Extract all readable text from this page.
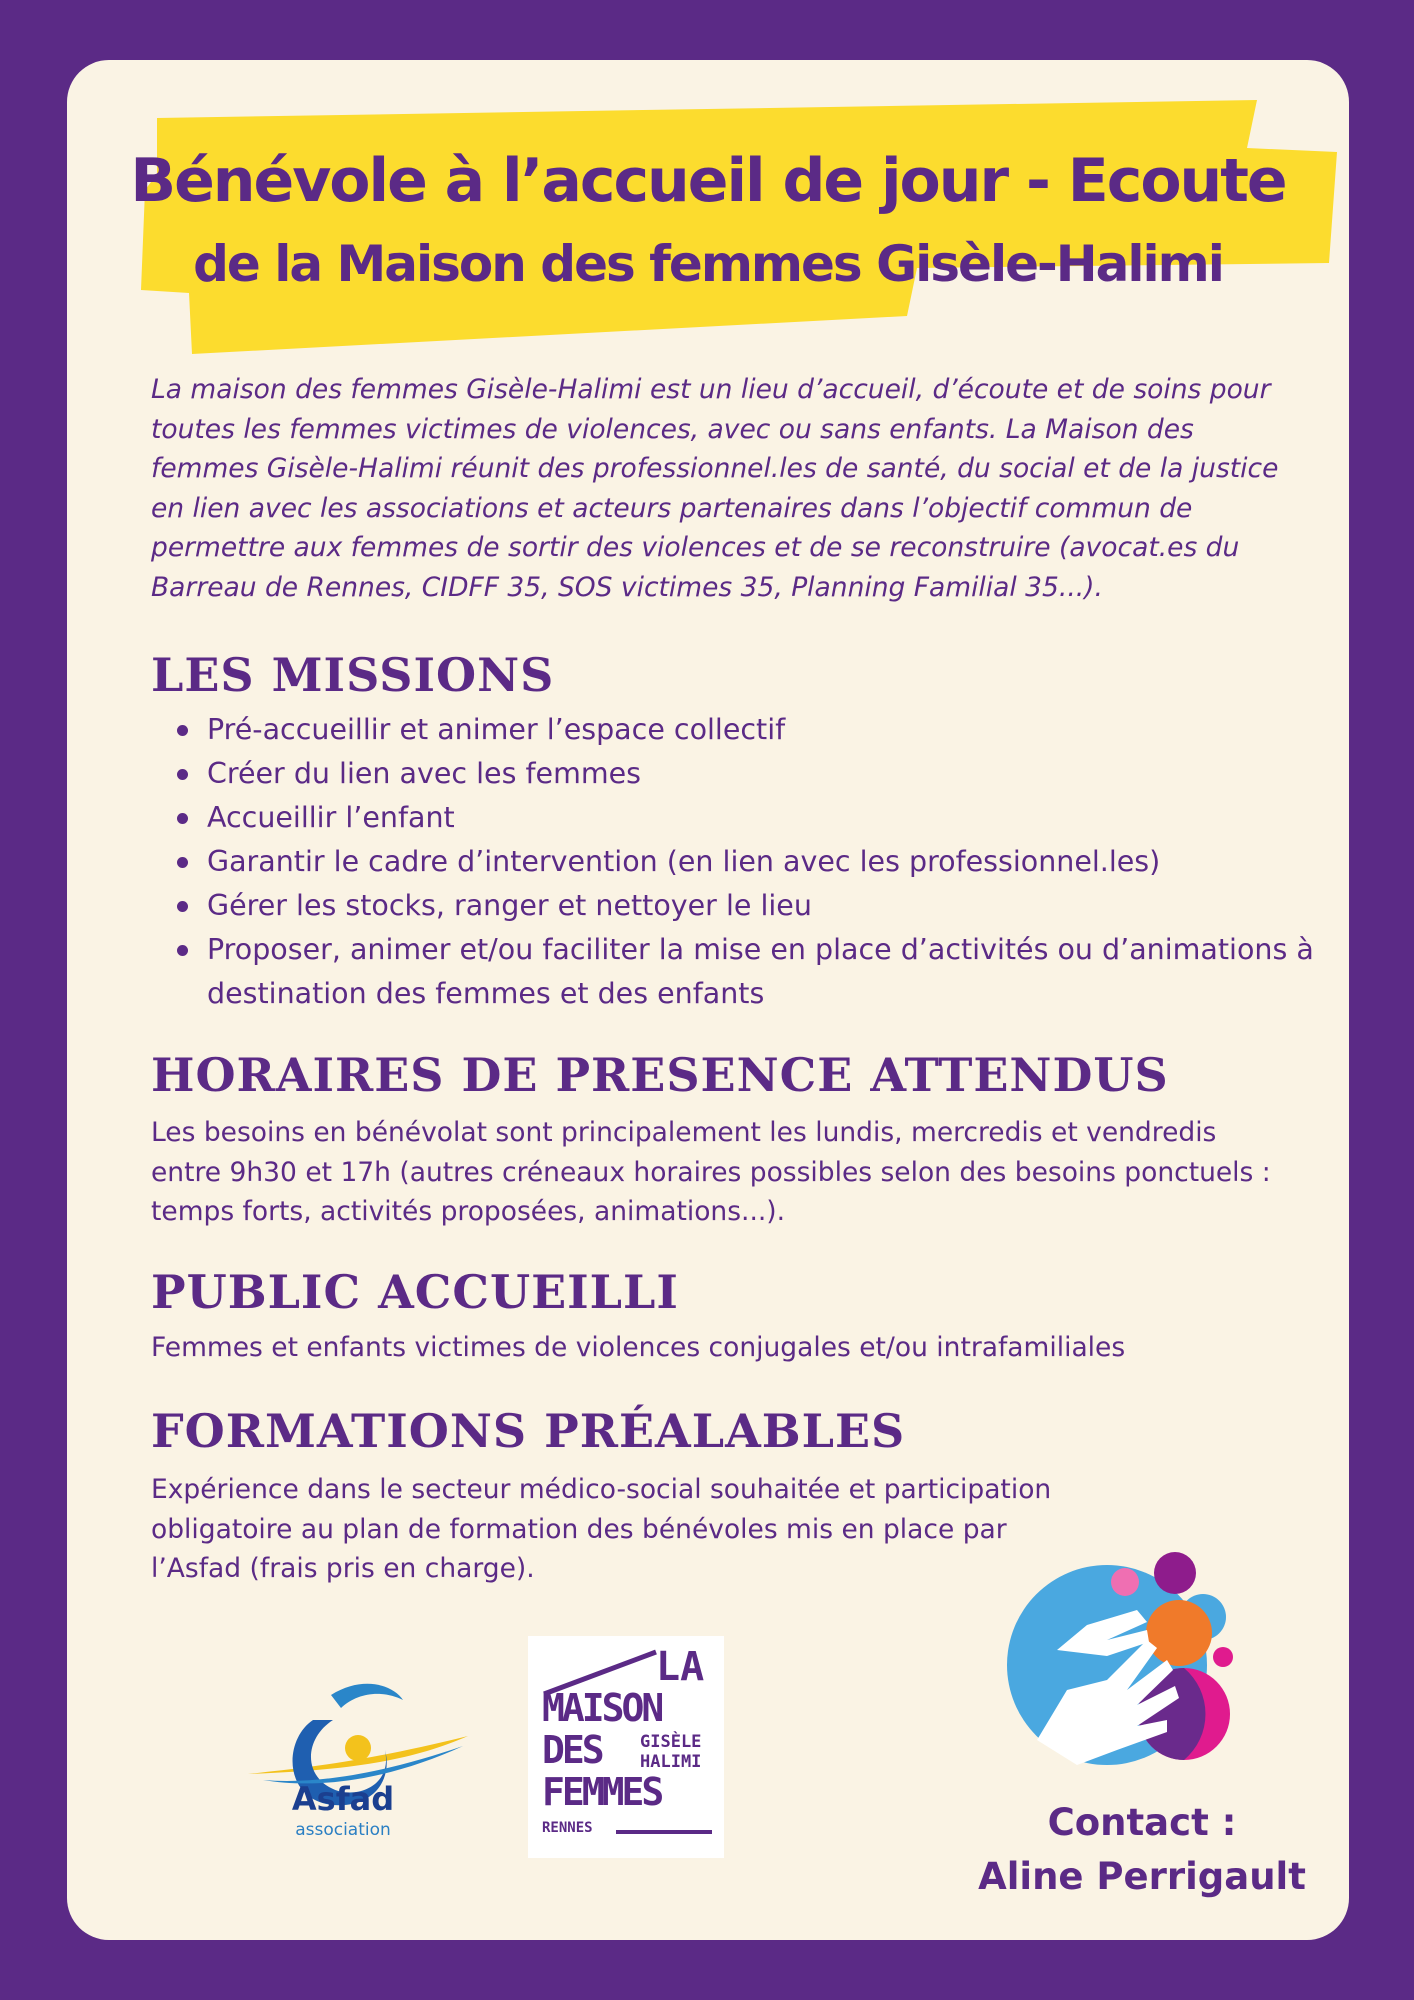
Bénévole à l’accueil de jour - Ecoute
de la Maison des femmes Gisèle-Halimi

La maison des femmes Gisèle-Halimi est un lieu d’accueil, d’écoute et de soins pour toutes les femmes victimes de violences, avec ou sans enfants. La Maison des femmes Gisèle-Halimi réunit des professionnel.les de santé, du social et de la justice en lien avec les associations et acteurs partenaires dans l’objectif commun de permettre aux femmes de sortir des violences et de se reconstruire (avocat.es du Barreau de Rennes, CIDFF 35, SOS victimes 35, Planning Familial 35...).

LES MISSIONS
Pré-accueillir et animer l’espace collectif
Créer du lien avec les femmes
Accueillir l’enfant
Garantir le cadre d’intervention (en lien avec les professionnel.les)
Gérer les stocks, ranger et nettoyer le lieu
Proposer, animer et/ou faciliter la mise en place d’activités ou d’animations à destination des femmes et des enfants
HORAIRES DE PRESENCE ATTENDUS

Les besoins en bénévolat sont principalement les lundis, mercredis et vendredis entre 9h30 et 17h (autres créneaux horaires possibles selon des besoins ponctuels : temps forts, activités proposées, animations...).

PUBLIC ACCUEILLI

Femmes et enfants victimes de violences conjugales et/ou intrafamiliales

FORMATIONS PRÉALABLES

Expérience dans le secteur médico-social souhaitée et participation obligatoire au plan de formation des bénévoles mis en place par l’Asfad (frais pris en charge).

Asfad
association
LA
MAISON
DES GISÈLE
HALIMI
FEMMES
RENNES	Contact :
Aline Perrigault
